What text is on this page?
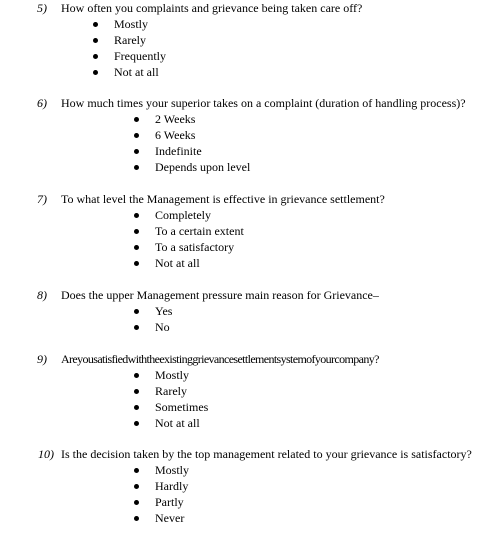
5) How often you complaints and grievance being taken care off?
Mostly
Rarely
Frequently
Not at all
6) How much times your superior takes on a complaint (duration of handling process)?
2 Weeks
6 Weeks
Indefinite
Depends upon level
7) To what level the Management is effective in grievance settlement?
Completely
To a certain extent
To a satisfactory
Not at all
8) Does the upper Management pressure main reason for Grievance–
Yes
No
9) Areyousatisfiedwiththeexistinggrievancesettlementsystemofyourcompany?
Mostly
Rarely
Sometimes
Not at all
10) Is the decision taken by the top management related to your grievance is satisfactory?
Mostly
Hardly
Partly
Never
